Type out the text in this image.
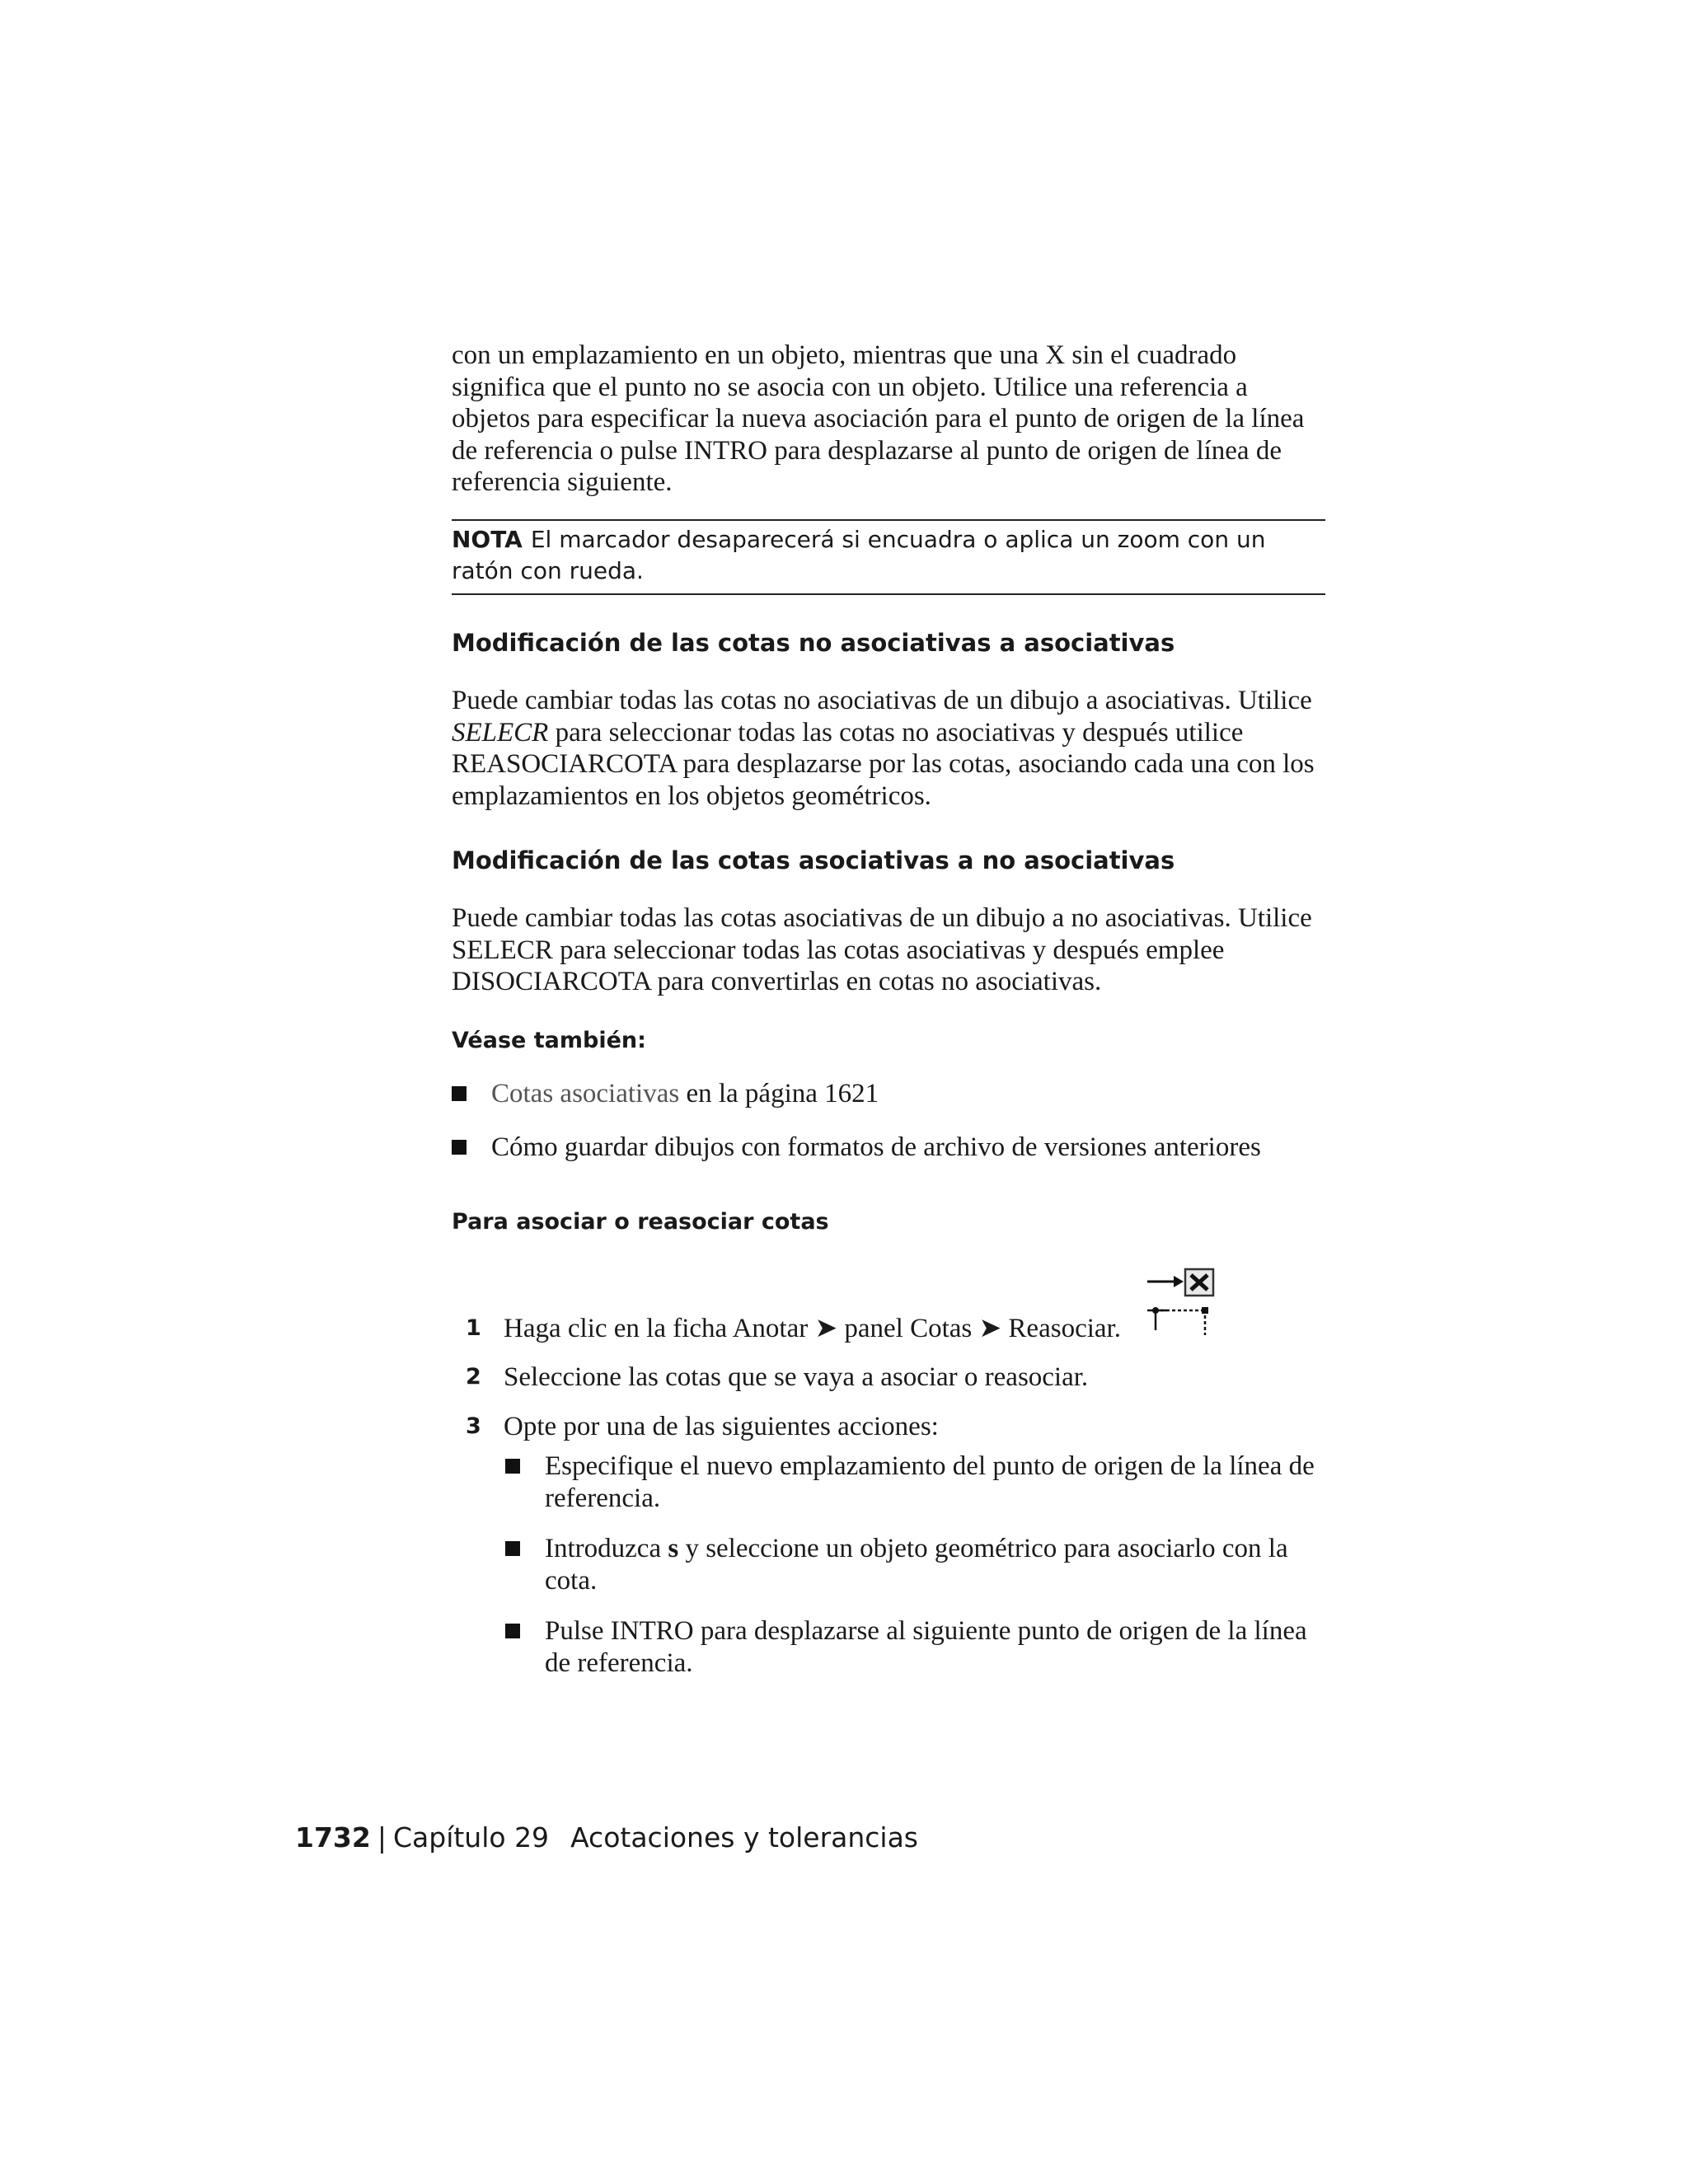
con un emplazamiento en un objeto, mientras que una X sin el cuadrado significa que el punto no se asocia con un objeto. Utilice una referencia a objetos para especificar la nueva asociación para el punto de origen de la línea de referencia o pulse INTRO para desplazarse al punto de origen de línea de referencia siguiente.

NOTA El marcador desaparecerá si encuadra o aplica un zoom con un ratón con rueda.
Modificación de las cotas no asociativas a asociativas

Puede cambiar todas las cotas no asociativas de un dibujo a asociativas. Utilice SELECR para seleccionar todas las cotas no asociativas y después utilice REASOCIARCOTA para desplazarse por las cotas, asociando cada una con los emplazamientos en los objetos geométricos.

Modificación de las cotas asociativas a no asociativas

Puede cambiar todas las cotas asociativas de un dibujo a no asociativas. Utilice SELECR para seleccionar todas las cotas asociativas y después emplee DISOCIARCOTA para convertirlas en cotas no asociativas.

Véase también:
Cotas asociativas en la página 1621
Cómo guardar dibujos con formatos de archivo de versiones anteriores
Para asociar o reasociar cotas
1 Haga clic en la ficha Anotar ➤ panel Cotas ➤ Reasociar.
2 Seleccione las cotas que se vaya a asociar o reasociar.
3 Opte por una de las siguientes acciones:
Especifique el nuevo emplazamiento del punto de origen de la línea de referencia.
Introduzca s y seleccione un objeto geométrico para asociarlo con la cota.
Pulse INTRO para desplazarse al siguiente punto de origen de la línea de referencia.
1732 | Capítulo 29 Acotaciones y tolerancias
